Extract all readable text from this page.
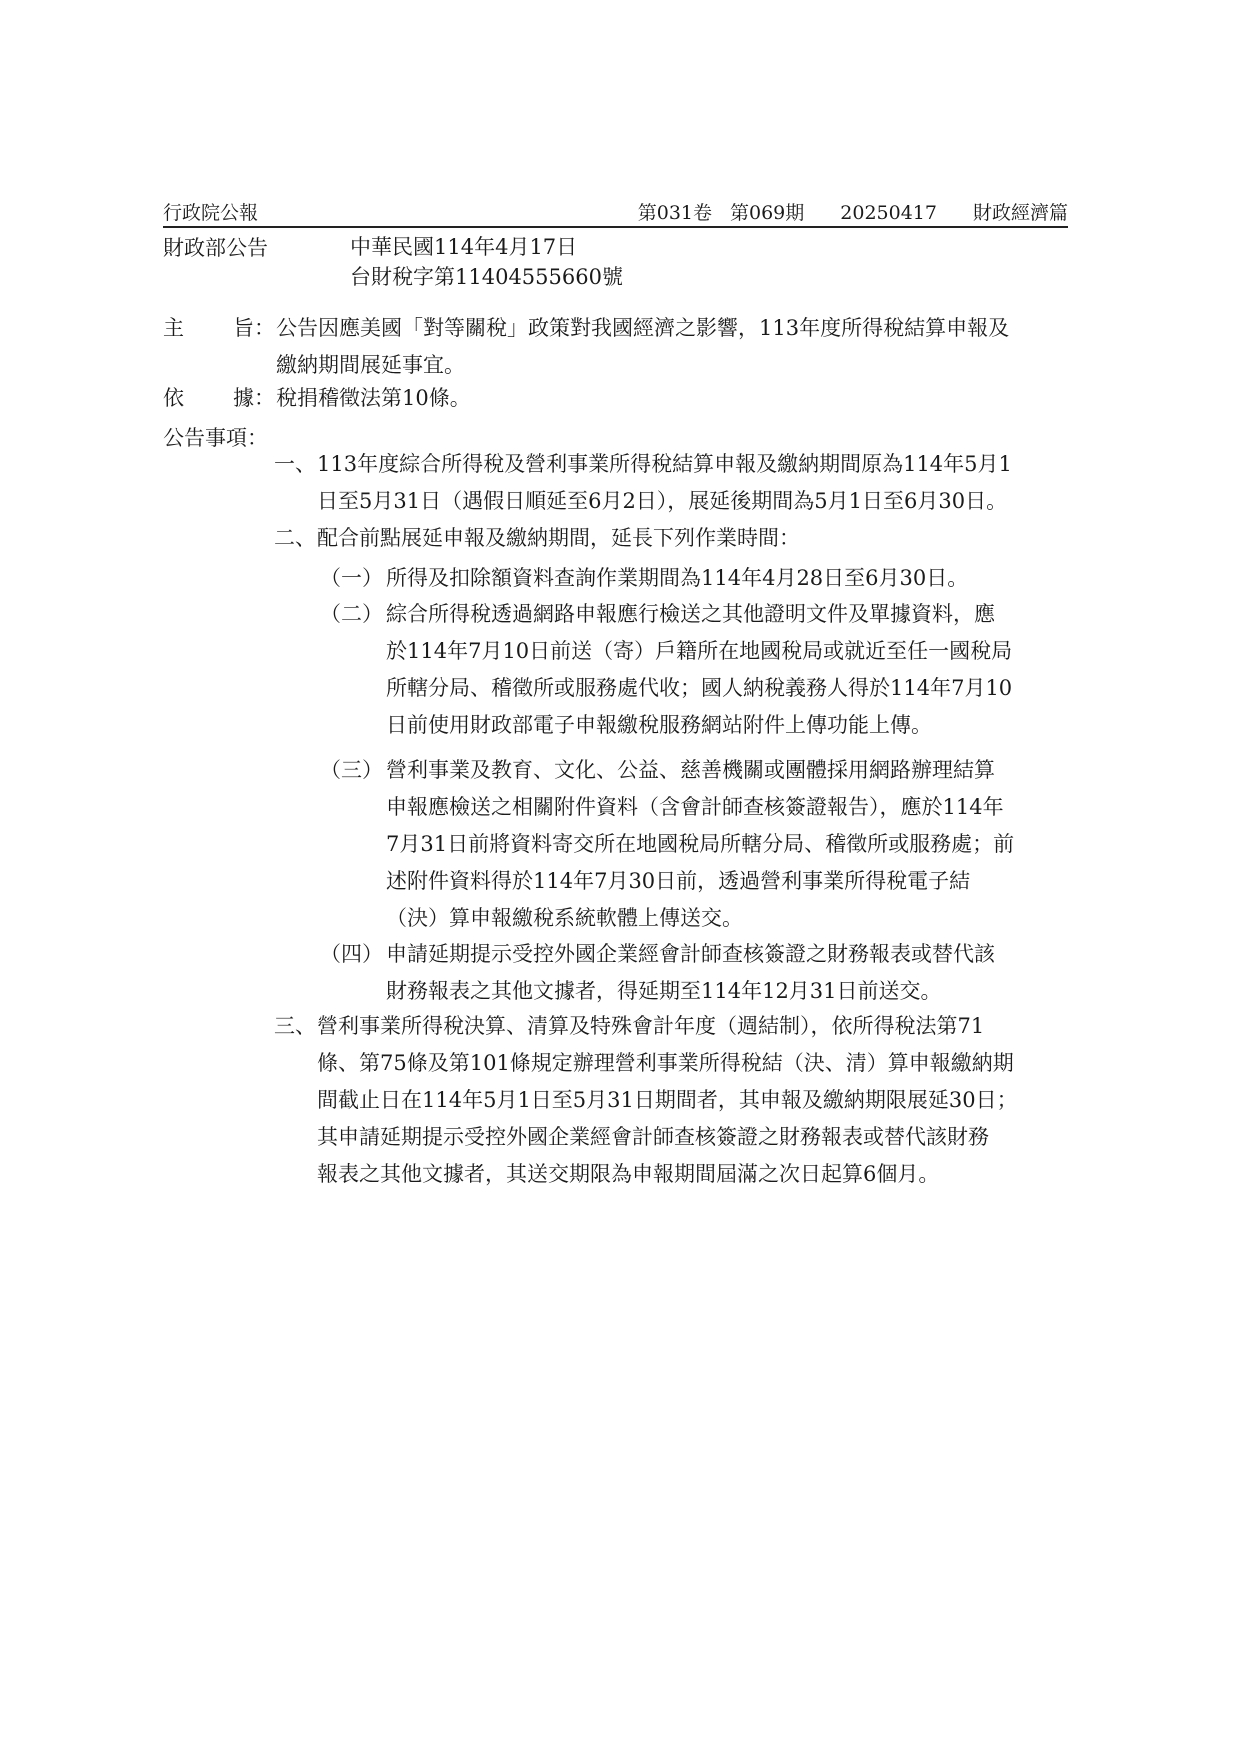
行政院公報	第031卷 第069期 20250417 財政經濟篇
財政部公告	中華民國114年4月17日
台財稅字第11404555660號
主 旨： 公告因應美國「對等關稅」政策對我國經濟之影響，113年度所得稅結算申報及
繳納期間展延事宜。
依 據： 稅捐稽徵法第10條。
公告事項：
一、 113年度綜合所得稅及營利事業所得稅結算申報及繳納期間原為114年5月1
日至5月31日（遇假日順延至6月2日），展延後期間為5月1日至6月30日。
二、 配合前點展延申報及繳納期間，延長下列作業時間：
（一） 所得及扣除額資料查詢作業期間為114年4月28日至6月30日。
（二） 綜合所得稅透過網路申報應行檢送之其他證明文件及單據資料，應
於114年7月10日前送（寄）戶籍所在地國稅局或就近至任一國稅局
所轄分局、稽徵所或服務處代收；國人納稅義務人得於114年7月10
日前使用財政部電子申報繳稅服務網站附件上傳功能上傳。
（三） 營利事業及教育、文化、公益、慈善機關或團體採用網路辦理結算
申報應檢送之相關附件資料（含會計師查核簽證報告），應於114年
7月31日前將資料寄交所在地國稅局所轄分局、稽徵所或服務處；前
述附件資料得於114年7月30日前，透過營利事業所得稅電子結
（決）算申報繳稅系統軟體上傳送交。
（四） 申請延期提示受控外國企業經會計師查核簽證之財務報表或替代該
財務報表之其他文據者，得延期至114年12月31日前送交。
三、 營利事業所得稅決算、清算及特殊會計年度（週結制），依所得稅法第71
條、第75條及第101條規定辦理營利事業所得稅結（決、清）算申報繳納期
間截止日在114年5月1日至5月31日期間者，其申報及繳納期限展延30日；
其申請延期提示受控外國企業經會計師查核簽證之財務報表或替代該財務
報表之其他文據者，其送交期限為申報期間屆滿之次日起算6個月。
